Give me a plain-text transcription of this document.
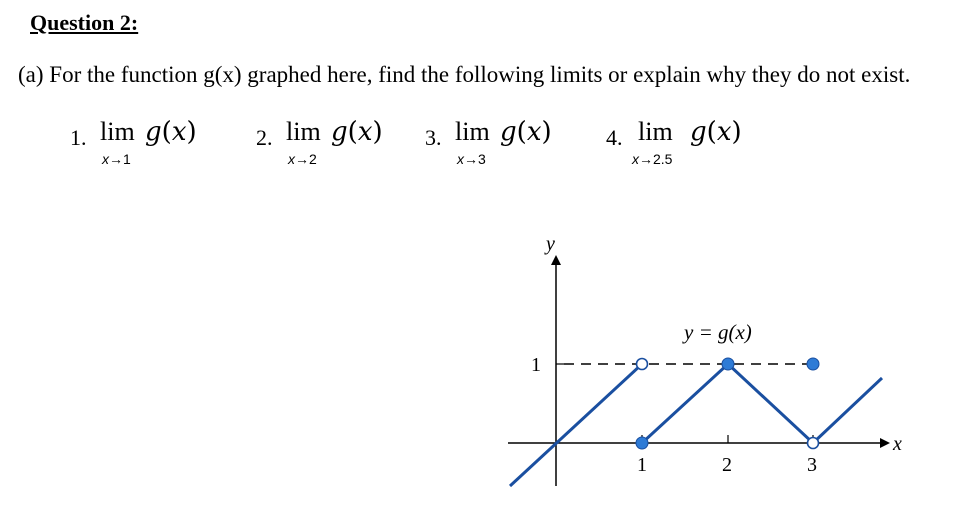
Question 2:
(a) For the function g(x) graphed here, find the following limits or explain why they do not exist.
1. lim g(x)
x→1
2. lim g(x)
x→2
3. lim g(x)
x→3
4. lim g(x)
x→2.5
y
x
y = g(x)
1
1	2	3
